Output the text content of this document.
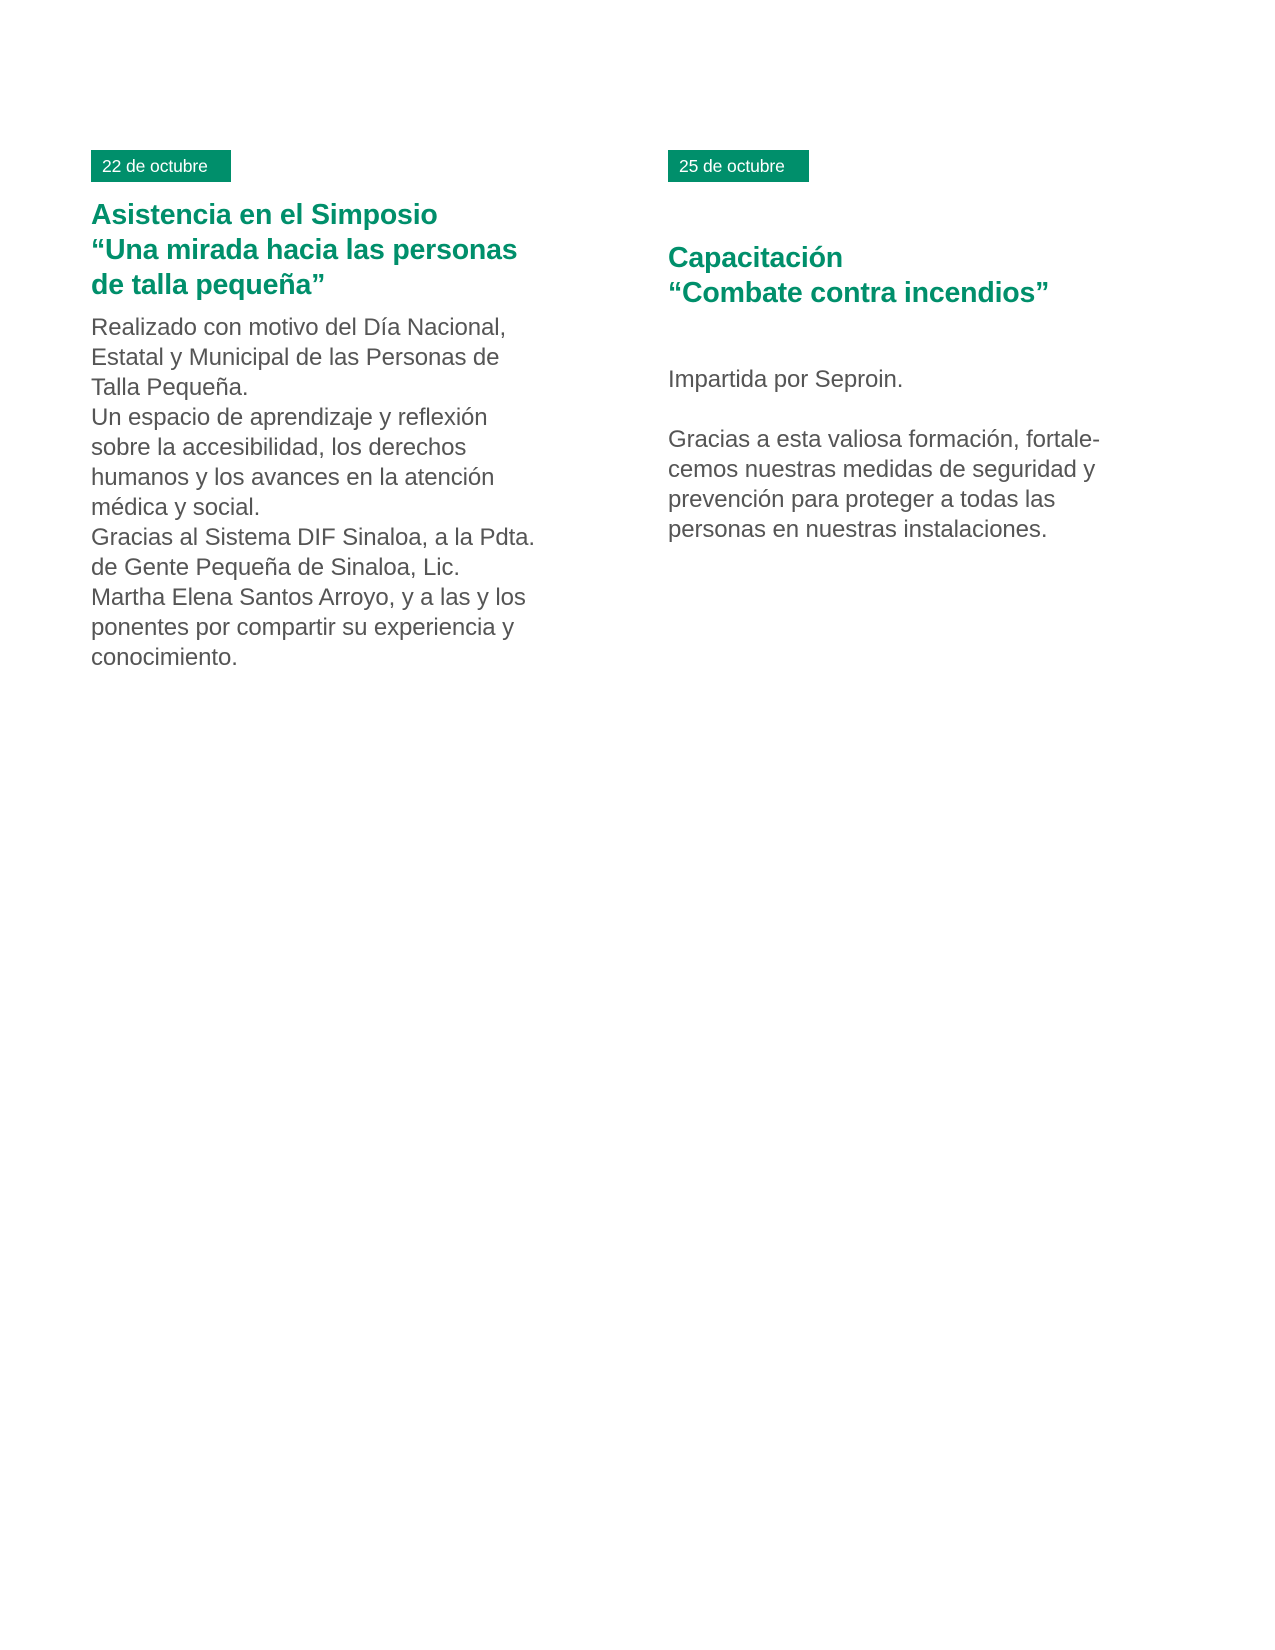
22 de octubre
Asistencia en el Simposio
“Una mirada hacia las personas
de talla pequeña”

Realizado con motivo del Día Nacional,
Estatal y Municipal de las Personas de
Talla Pequeña.
Un espacio de aprendizaje y reflexión
sobre la accesibilidad, los derechos
humanos y los avances en la atención
médica y social.
Gracias al Sistema DIF Sinaloa, a la Pdta.
de Gente Pequeña de Sinaloa, Lic.
Martha Elena Santos Arroyo, y a las y los
ponentes por compartir su experiencia y
conocimiento.

25 de octubre
Capacitación
“Combate contra incendios”

Impartida por Seproin.
Gracias a esta valiosa formación, fortale-
cemos nuestras medidas de seguridad y
prevención para proteger a todas las
personas en nuestras instalaciones.
